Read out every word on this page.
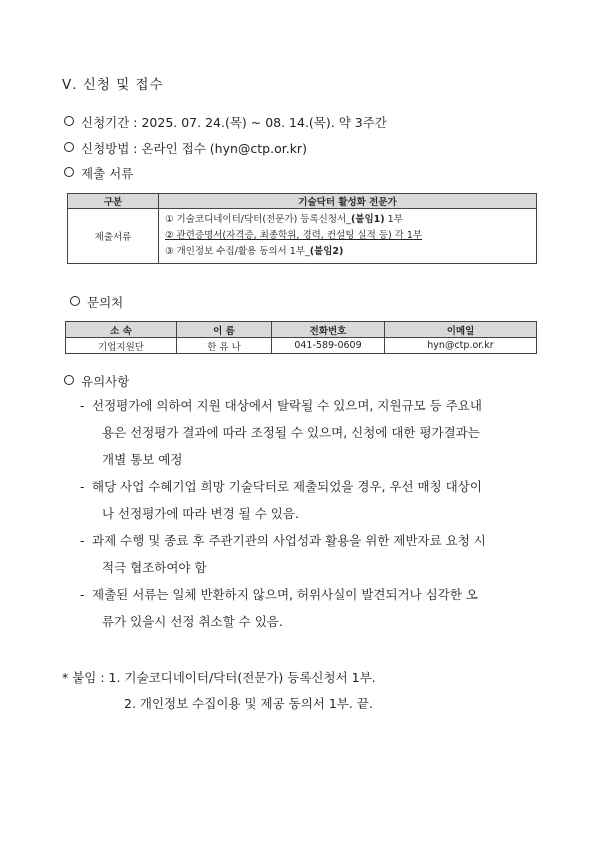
Ⅴ. 신청 및 접수
신청기간 : 2025. 07. 24.(목) ~ 08. 14.(목). 약 3주간
신청방법 : 온라인 접수 (hyn@ctp.or.kr)
제출 서류
구분	기술닥터 활성화 전문가
제출서류	① 기술코디네이터/닥터(전문가) 등록신청서_(붙임1) 1부
② 관련증명서(자격증, 최종학위, 경력, 컨설팅 실적 등) 각 1부
③ 개인정보 수집/활용 동의서 1부_(붙임2)
문의처
소 속	이 름	전화번호	이메일
기업지원단	한 유 나	041-589-0609	hyn@ctp.or.kr
유의사항
- 선정평가에 의하여 지원 대상에서 탈락될 수 있으며, 지원규모 등 주요내
용은 선정평가 결과에 따라 조정될 수 있으며, 신청에 대한 평가결과는
개별 통보 예정
- 해당 사업 수혜기업 희망 기술닥터로 제출되었을 경우, 우선 매칭 대상이
나 선정평가에 따라 변경 될 수 있음.
- 과제 수행 및 종료 후 주관기관의 사업성과 활용을 위한 제반자료 요청 시
적극 협조하여야 함
- 제출된 서류는 일체 반환하지 않으며, 허위사실이 발견되거나 심각한 오
류가 있을시 선정 취소할 수 있음.
* 붙임 : 1. 기술코디네이터/닥터(전문가) 등록신청서 1부.
2. 개인정보 수집이용 및 제공 동의서 1부. 끝.
